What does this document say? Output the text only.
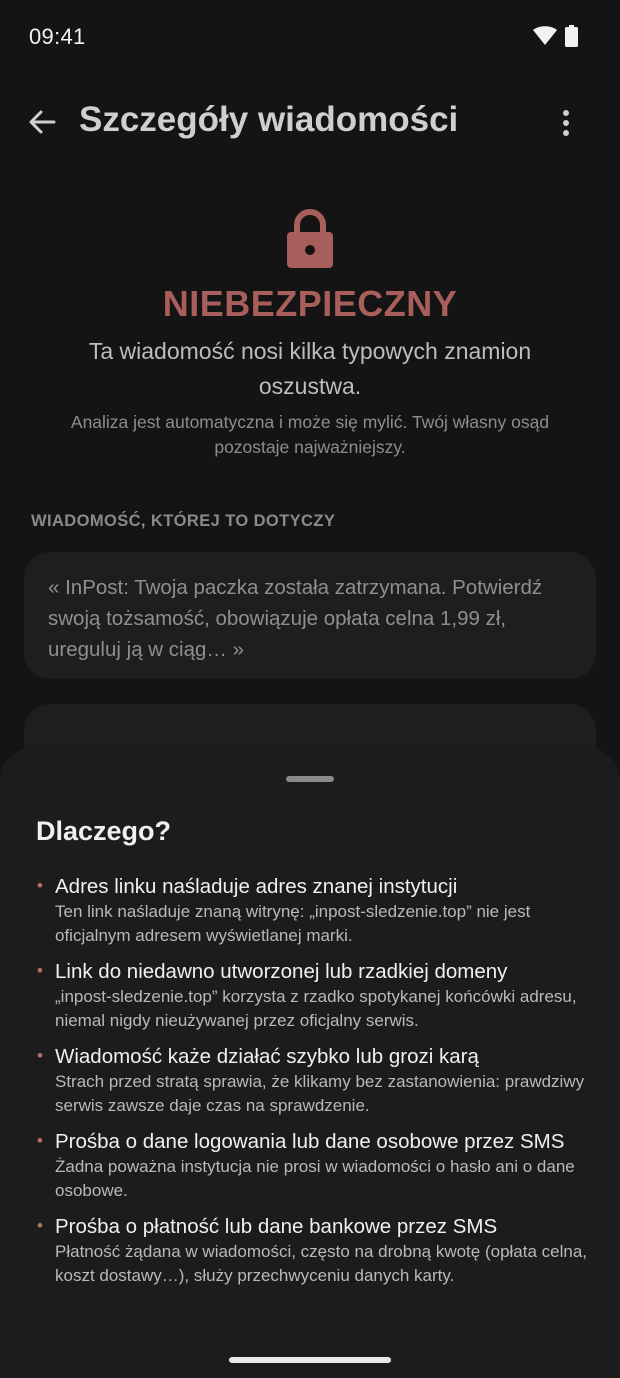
09:41
Szczegóły wiadomości
NIEBEZPIECZNY
Ta wiadomość nosi kilka typowych znamion oszustwa.
Analiza jest automatyczna i może się mylić. Twój własny osąd pozostaje najważniejszy.
WIADOMOŚĆ, KTÓREJ TO DOTYCZY
« InPost: Twoja paczka została zatrzymana. Potwierdź swoją tożsamość, obowiązuje opłata celna 1,99 zł, ureguluj ją w ciąg… »
Dlaczego?
• Adres linku naśladuje adres znanej instytucji
Ten link naśladuje znaną witrynę: „inpost-sledzenie.top” nie jest oficjalnym adresem wyświetlanej marki.
• Link do niedawno utworzonej lub rzadkiej domeny
„inpost-sledzenie.top” korzysta z rzadko spotykanej końcówki adresu, niemal nigdy nieużywanej przez oficjalny serwis.
• Wiadomość każe działać szybko lub grozi karą
Strach przed stratą sprawia, że klikamy bez zastanowienia: prawdziwy serwis zawsze daje czas na sprawdzenie.
• Prośba o dane logowania lub dane osobowe przez SMS
Żadna poważna instytucja nie prosi w wiadomości o hasło ani o dane osobowe.
• Prośba o płatność lub dane bankowe przez SMS
Płatność żądana w wiadomości, często na drobną kwotę (opłata celna, koszt dostawy…), służy przechwyceniu danych karty.
